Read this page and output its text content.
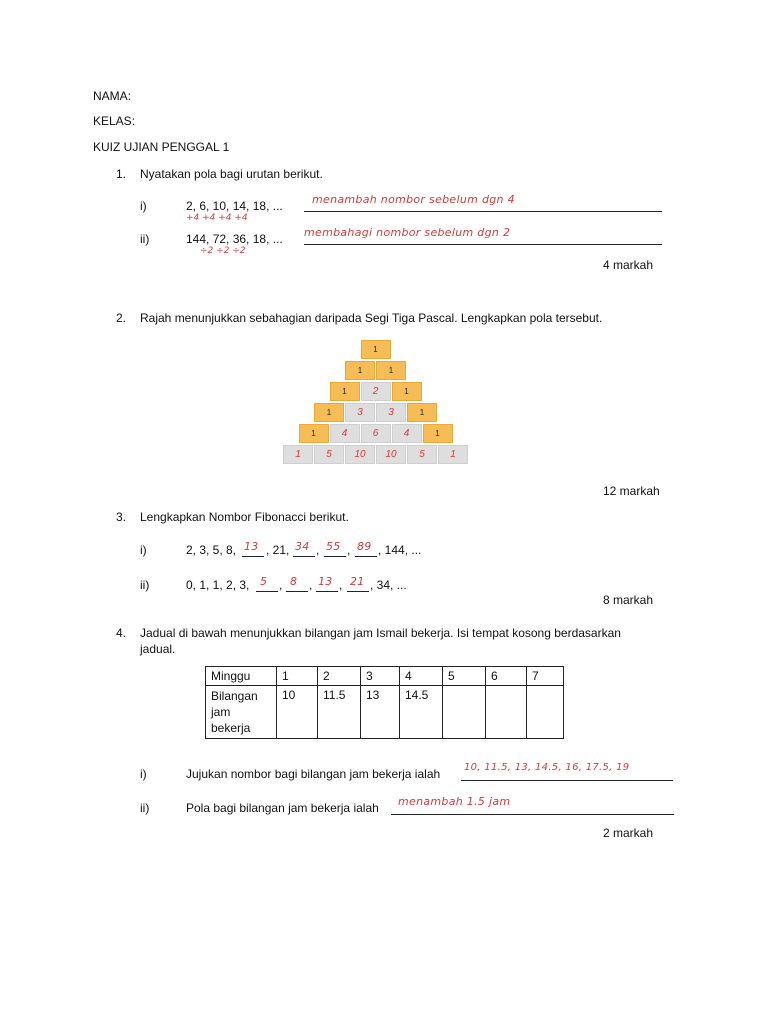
NAMA:
KELAS:
KUIZ UJIAN PENGGAL 1
1. Nyatakan pola bagi urutan berikut.
i)	2, 6, 10, 14, 18, ...
+4 +4 +4 +4
menambah nombor sebelum dgn 4
ii)	144, 72, 36, 18, ...
÷2 ÷2 ÷2
membahagi nombor sebelum dgn 2
4 markah
2. Rajah menunjukkan sebahagian daripada Segi Tiga Pascal. Lengkapkan pola tersebut.
1
1	1
1	2	1
1	3	3	1
1	4	6	4	1
1	5	10	10	5	1
12 markah
3. Lengkapkan Nombor Fibonacci berikut.
i)	2, 3, 5, 8, 13 , 21, 34 , 55 , 89 , 144, ...
ii)	0, 1, 1, 2, 3, 5 , 8 , 13 , 21 , 34, ...
8 markah
4. Jadual di bawah menunjukkan bilangan jam Ismail bekerja. Isi tempat kosong berdasarkan
jadual.
Minggu	1	2	3	4	5	6	7

Bilangan
jam
bekerja	10	11.5	13	14.5			
i)	Jujukan nombor bagi bilangan jam bekerja ialah 10, 11.5, 13, 14.5, 16, 17.5, 19
ii)	Pola bagi bilangan jam bekerja ialah menambah 1.5 jam
2 markah
